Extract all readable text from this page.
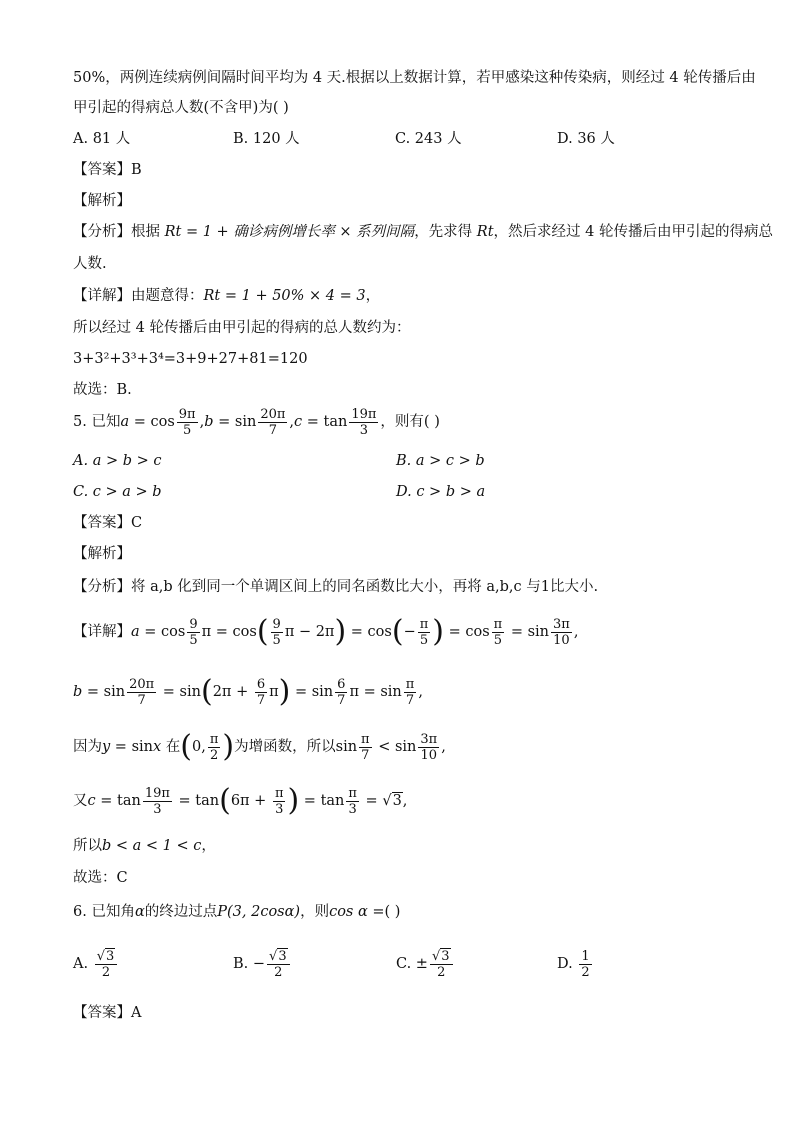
50%，两例连续病例间隔时间平均为 4 天.根据以上数据计算，若甲感染这种传染病，则经过 4 轮传播后由
甲引起的得病总人数(不含甲)为( )
A. 81 人	B. 120 人	C. 243 人	D. 36 人
【答案】B
【解析】
【分析】根据 Rt = 1 + 确诊病例增长率 × 系列间隔，先求得 Rt，然后求经过 4 轮传播后由甲引起的得病总
人数.
【详解】由题意得：Rt = 1 + 50% × 4 = 3，
所以经过 4 轮传播后由甲引起的得病的总人数约为：
3+3²+3³+3⁴=3+9+27+81=120
故选：B.
5. 已知$a = \cos \frac{9\pi}{5} ,b = \sin \frac{20\pi}{7} ,c = \tan \frac{19\pi}{3}$ ，则有( )
A. a > b > c	B. a > c > b
C. c > a > b	D. c > b > a
【答案】C
【解析】
【分析】将 a,b 化到同一个单调区间上的同名函数比大小，再将 a,b,c 与1比大小.
【详解】$a = \cos \frac{9}{5}$ $\pi = \cos( \frac{9}{5}$ $\pi - 2\pi) = \cos(- \frac{\pi}{5}$ ) = $\cos \frac{\pi}{5} = \sin \frac{3\pi}{10}$ ,
$b = \sin \frac{20\pi}{7} = \sin(2\pi + \frac{6}{7} \pi) = \sin \frac{6}{7}$ $\pi = \sin \frac{\pi}{7}$ ,
因为y = sinx 在(0, $\frac{\pi}{2}$ )为增函数，所以$\sin \frac{\pi}{7} < \sin \frac{3\pi}{10}$ ,
又$c = \tan \frac{19\pi}{3} = \tan(6\pi + \frac{\pi}{3}$ ) = $\tan \frac{\pi}{3} = √3$,
所以b < a < 1 < c，
故选：C
6. 已知角α的终边过点P(3, 2cosα)，则cos α =( )
A. $\frac{√3}{2}$	B. − $\frac{√3}{2}$	C. ± $\frac{√3}{2}$	D. $\frac{1}{2}$
【答案】A
